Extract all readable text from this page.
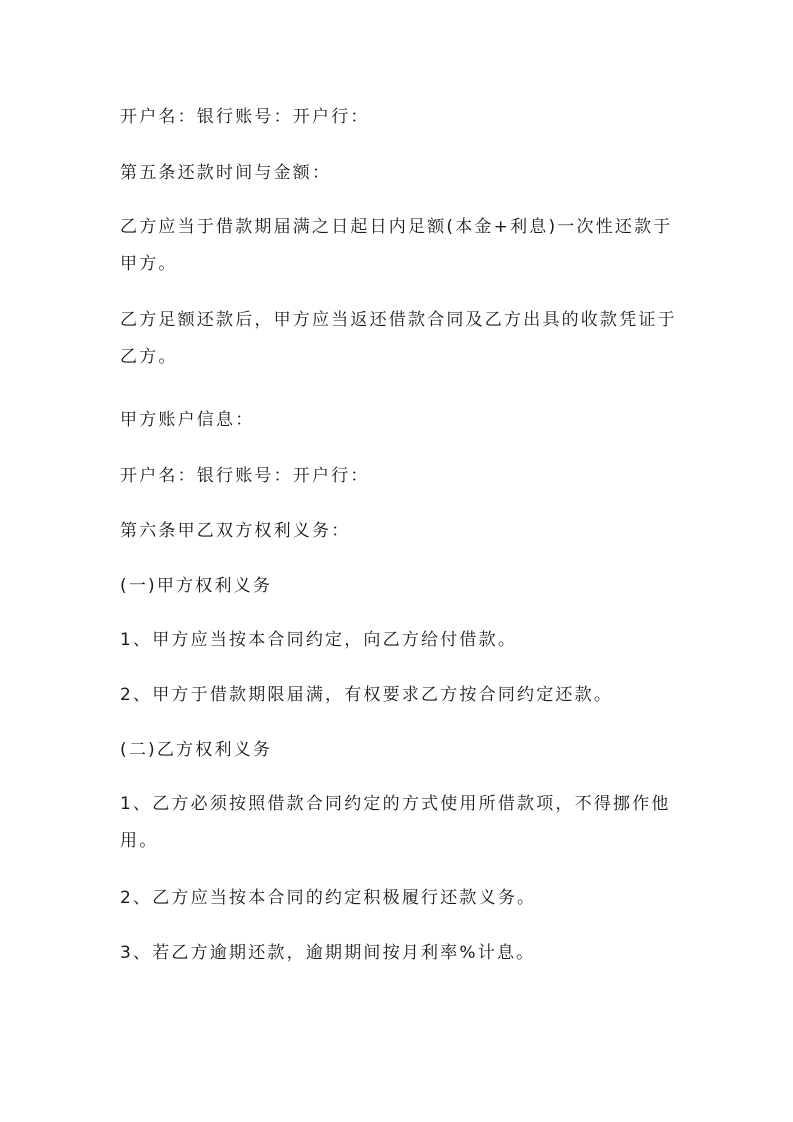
开户名：银行账号：开户行：

第五条还款时间与金额：

乙方应当于借款期届满之日起日内足额(本金+利息)一次性还款于甲方。

乙方足额还款后，甲方应当返还借款合同及乙方出具的收款凭证于乙方。

甲方账户信息：

开户名：银行账号：开户行：

第六条甲乙双方权利义务：

(一)甲方权利义务

1、甲方应当按本合同约定，向乙方给付借款。

2、甲方于借款期限届满，有权要求乙方按合同约定还款。

(二)乙方权利义务

1、乙方必须按照借款合同约定的方式使用所借款项，不得挪作他用。

2、乙方应当按本合同的约定积极履行还款义务。

3、若乙方逾期还款，逾期期间按月利率%计息。
